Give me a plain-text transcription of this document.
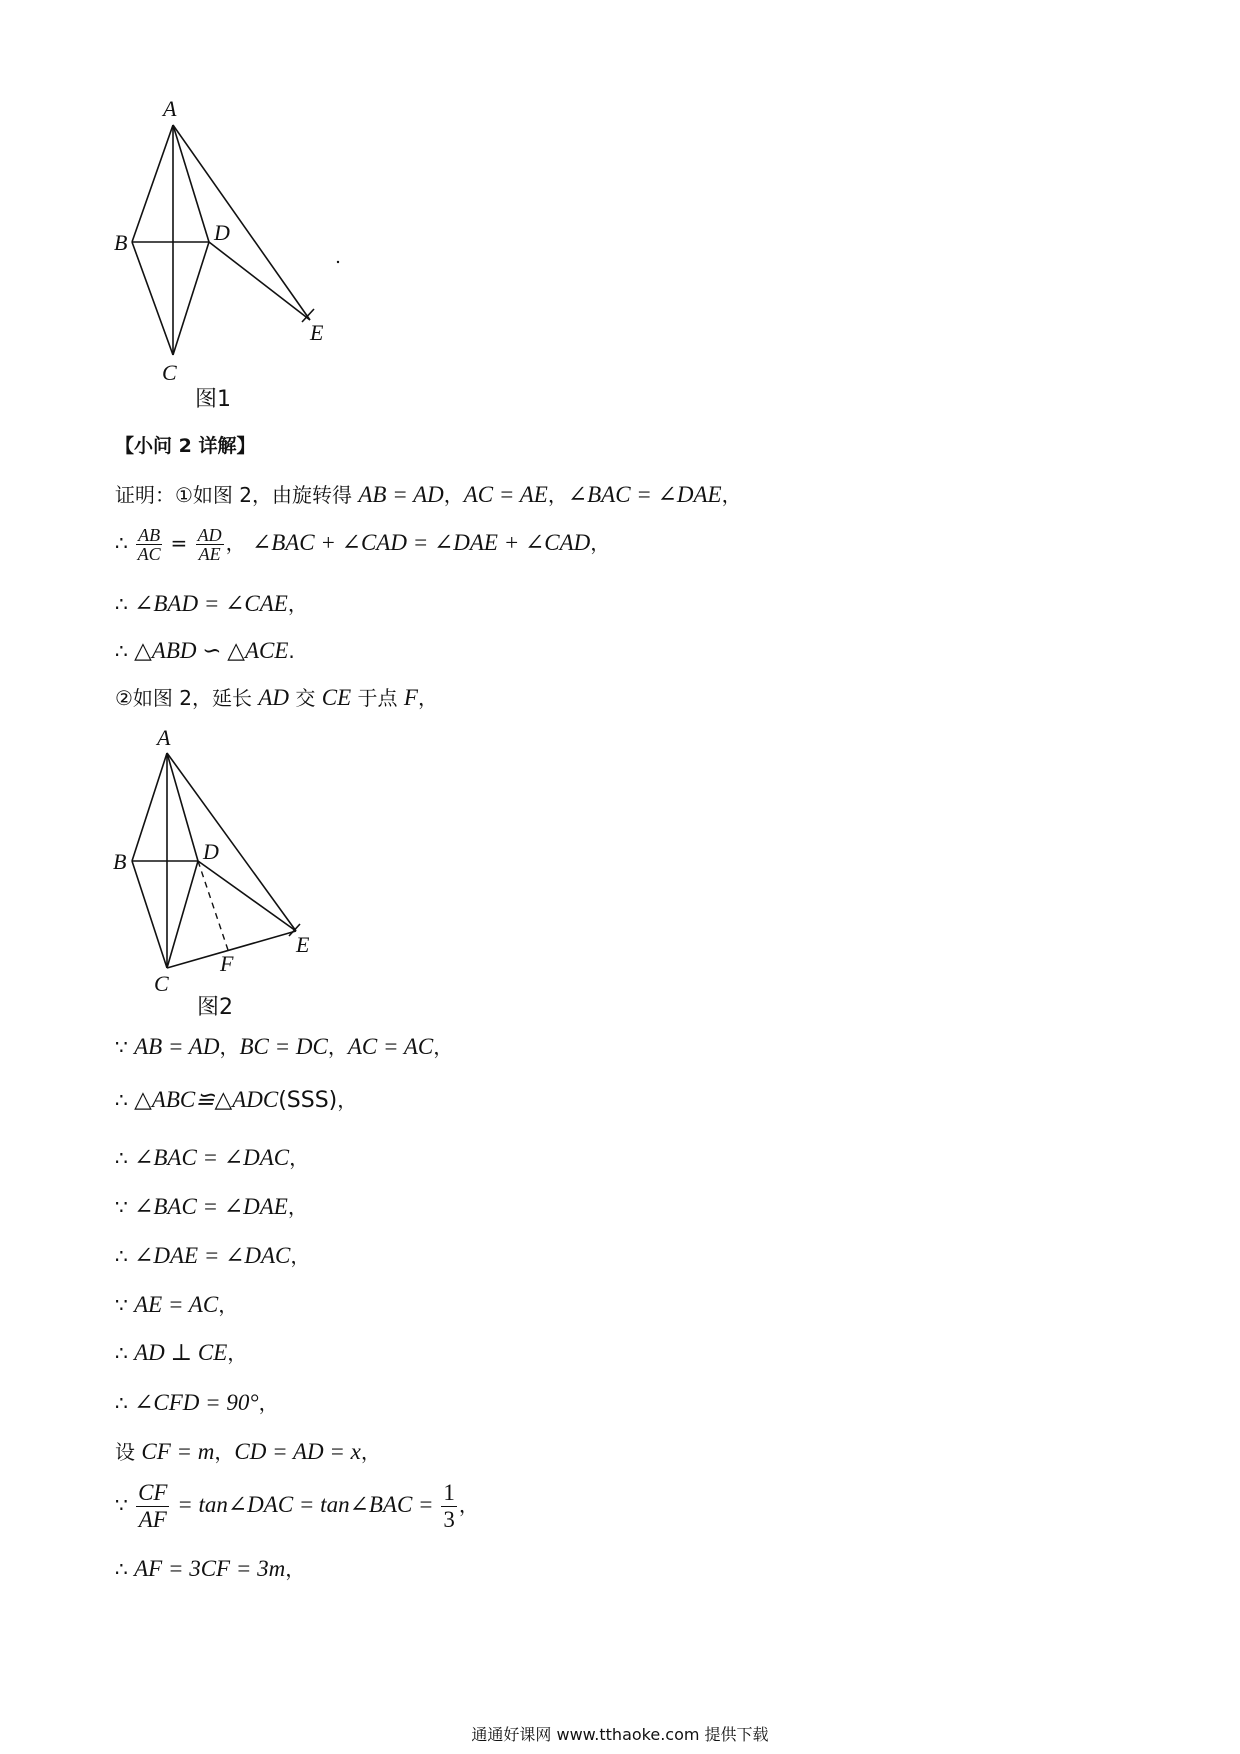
A
B	D
E
C
图1
【小问 2 详解】
证明：①如图 2，由旋转得 AB = AD，AC = AE，∠BAC = ∠DAE，
∴ $\frac{AB}{AC} = \frac{AD}{AE}$ ， ∠BAC + ∠CAD = ∠DAE + ∠CAD，
∴ ∠BAD = ∠CAE，
∴ △ABD ∽ △ACE.
②如图 2，延长 AD 交 CE 于点 F，
A
B	D
E
F
C
图2
∵ AB = AD，BC = DC，AC = AC，
∴ △ABC≌△ADC(SSS)，
∴ ∠BAC = ∠DAC，
∵ ∠BAC = ∠DAE，
∴ ∠DAE = ∠DAC，
∵ AE = AC，
∴ AD ⊥ CE，
∴ ∠CFD = 90°，
设 CF = m，CD = AD = x，
∵ $\frac{CF}{AF}$ = tan∠DAC = tan∠BAC = $\frac{1}{3}$ ，
∴ AF = 3CF = 3m，
通通好课网 www.tthaoke.com 提供下载
